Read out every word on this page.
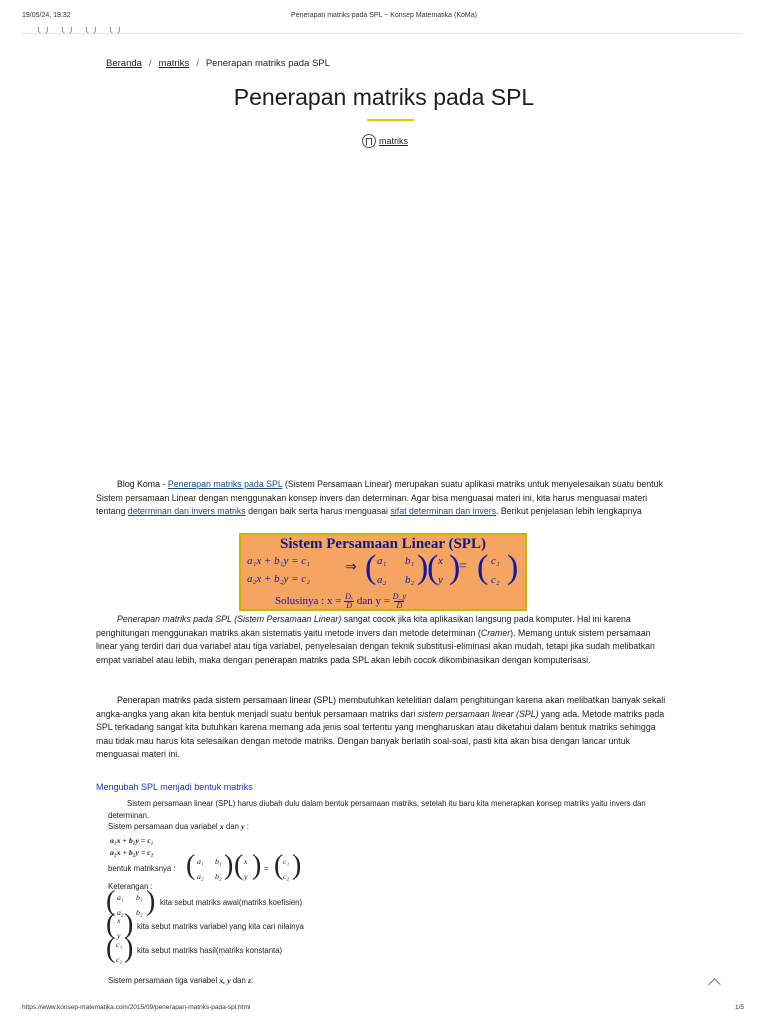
19/05/24, 19.32	Penerapan matriks pada SPL ~ Konsep Matematika (KoMa)
Beranda / matriks / Penerapan matriks pada SPL
Penerapan matriks pada SPL
matriks
Blog Koma - Penerapan matriks pada SPL (Sistem Persamaan Linear) merupakan suatu aplikasi matriks untuk menyelesaikan suatu bentuk Sistem persamaan Linear dengan menggunakan konsep invers dan determinan. Agar bisa menguasai materi ini, kita harus menguasai materi tentang determinan dan invers matriks dengan baik serta harus menguasai sifat determinan dan invers. Berikut penjelasan lebih lengkapnya
Sistem Persamaan Linear (SPL)
a₁x + b₁y = c₁
a₂x + b₂y = c₂
⇒ ( a₁ b₁
a₂ b₂ )
( x
y )
= ( c₁
c₂ )
Solusinya : $x = \frac{\text{Dₓ}}{D}$ dan $y = \frac{D\_y}{D}$
Penerapan matriks pada SPL (Sistem Persamaan Linear) sangat cocok jika kita aplikasikan langsung pada komputer. Hal ini karena penghitungan menggunakan matriks akan sistematis yaitu metode invers dan metode determinan (Cramer). Memang untuk sistem persamaan linear yang terdiri dari dua variabel atau tiga variabel, penyelesaian dengan teknik substitusi-eliminasi akan mudah, tetapi jika sudah melibatkan empat variabel atau lebih, maka dengan penerapan matriks pada SPL akan lebih cocok dikombinasikan dengan komputerisasi.
Penerapan matriks pada sistem persamaan linear (SPL) membutuhkan ketelitian dalam penghitungan karena akan melibatkan banyak sekali angka-angka yang akan kita bentuk menjadi suatu bentuk persamaan matriks dari sistem persamaan linear (SPL) yang ada. Metode matriks pada SPL terkadang sangat kita butuhkan karena memang ada jenis soal tertentu yang mengharuskan atau diketahui dalam bentuk matriks sehingga mau tidak mau harus kita selesaikan dengan metode matriks. Dengan banyak berlatih soal-soal, pasti kita akan bisa dengan lancar untuk menguasai materi ini.
Mengubah SPL menjadi bentuk matriks
Sistem persamaan linear (SPL) harus diubah dulu dalam bentuk persamaan matriks, setelah itu baru kita menerapkan konsep matriks yaitu invers dan determinan.
Sistem persamaan dua variabel x dan y :
a₁x + b₁y = c₁
a₂x + b₂y = c₂
bentuk matriksnya : ( a₁ b₁
a₂ b₂ ) ( x
y ) = ( c₁
c₂ )
Keterangan :
( a₁ b₁
a₂ b₂ ) kita sebut matriks awal(matriks koefisien)
( x
y ) kita sebut matriks variabel yang kita cari nilainya
( c₁
c₂ ) kita sebut matriks hasil(matriks konstanta)
Sistem persamaan tiga variabel x, y dan z:
https://www.konsep-matematika.com/2015/09/penerapan-matriks-pada-spl.html	1/5
